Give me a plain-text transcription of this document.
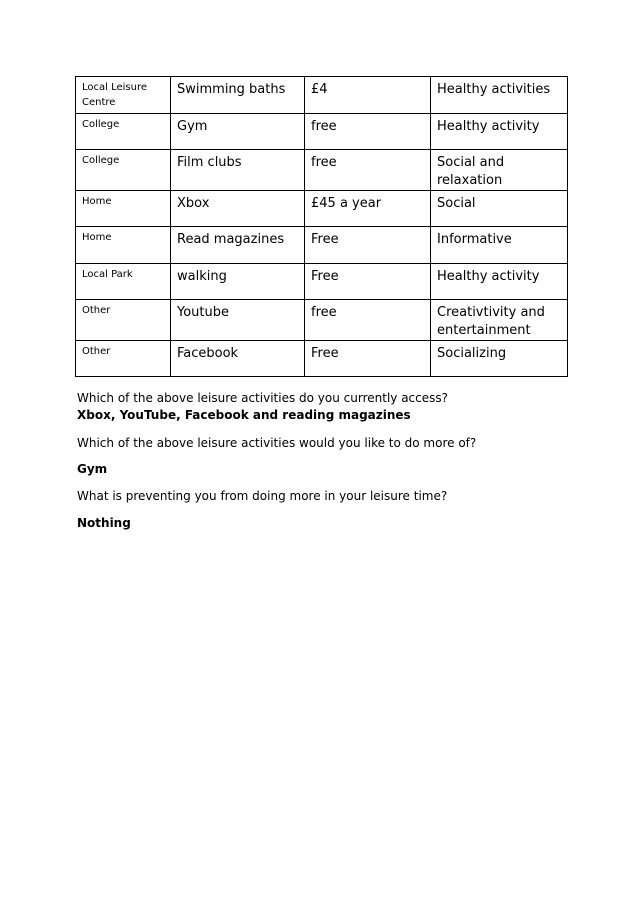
Local Leisure Centre	Swimming baths	£4	Healthy activities
College	Gym	free	Healthy activity
College	Film clubs	free	Social and relaxation
Home	Xbox	£45 a year	Social
Home	Read magazines	Free	Informative
Local Park	walking	Free	Healthy activity
Other	Youtube	free	Creativtivity and entertainment
Other	Facebook	Free	Socializing

Which of the above leisure activities do you currently access?

Xbox, YouTube, Facebook and reading magazines

Which of the above leisure activities would you like to do more of?

Gym

What is preventing you from doing more in your leisure time?

Nothing
